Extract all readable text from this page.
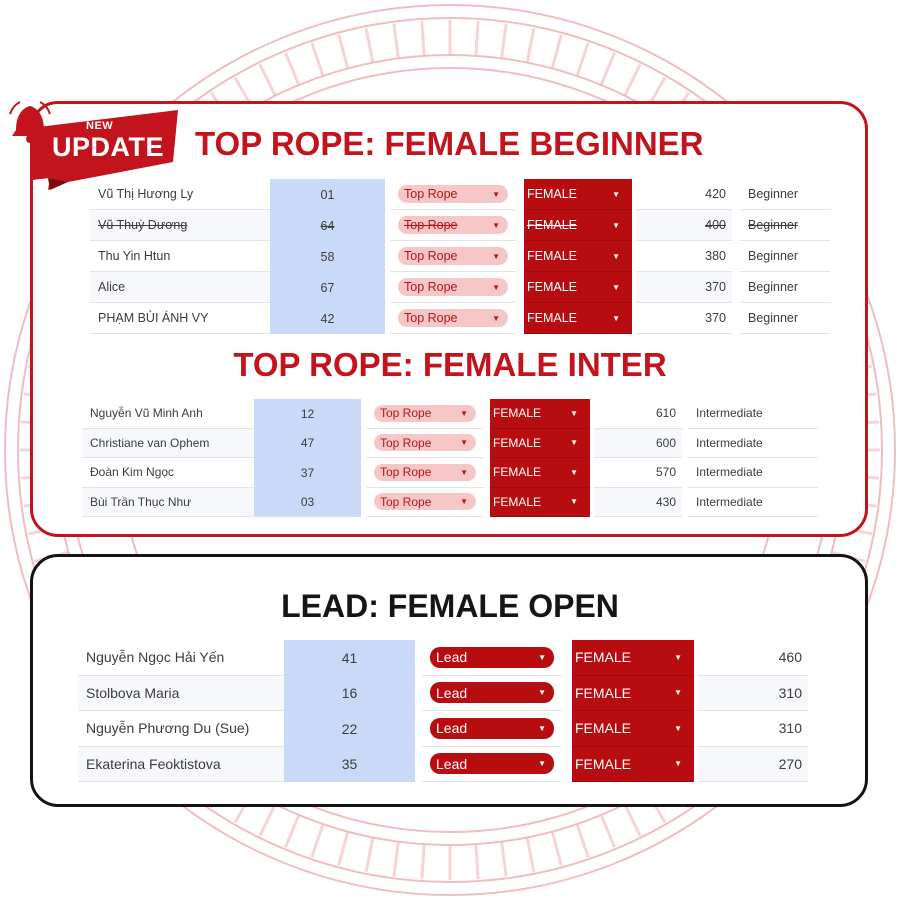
NEW
UPDATE TOP ROPE: FEMALE BEGINNER
TOP ROPE: FEMALE INTER
LEAD: FEMALE OPEN
Vũ Thị Hương Ly	01	Top Rope	▼ FEMALE	▼	420 Beginner
Vũ Thuỳ Dương	64	Top Rope	▼ FEMALE	▼	400 Beginner
Thu Yin Htun	58	Top Rope	▼ FEMALE	▼	380 Beginner
Alice	67	Top Rope	▼ FEMALE	▼	370 Beginner
PHẠM BÙI ÁNH VY	42	Top Rope	▼ FEMALE	▼	370 Beginner
Nguyễn Vũ Minh Anh	12	Top Rope	▼ FEMALE	▼	610 Intermediate
Christiane van Ophem	47	Top Rope	▼ FEMALE	▼	600 Intermediate
Đoàn Kim Ngọc	37	Top Rope	▼ FEMALE	▼	570 Intermediate
Bùi Trần Thục Như	03	Top Rope	▼ FEMALE	▼	430 Intermediate
Nguyễn Ngọc Hải Yến	41	Lead	▼ FEMALE	▼	460
Stolbova Maria	16	Lead	▼ FEMALE	▼	310
Nguyễn Phương Du (Sue)	22	Lead	▼ FEMALE	▼	310
Ekaterina Feoktistova	35	Lead	▼ FEMALE	▼	270
